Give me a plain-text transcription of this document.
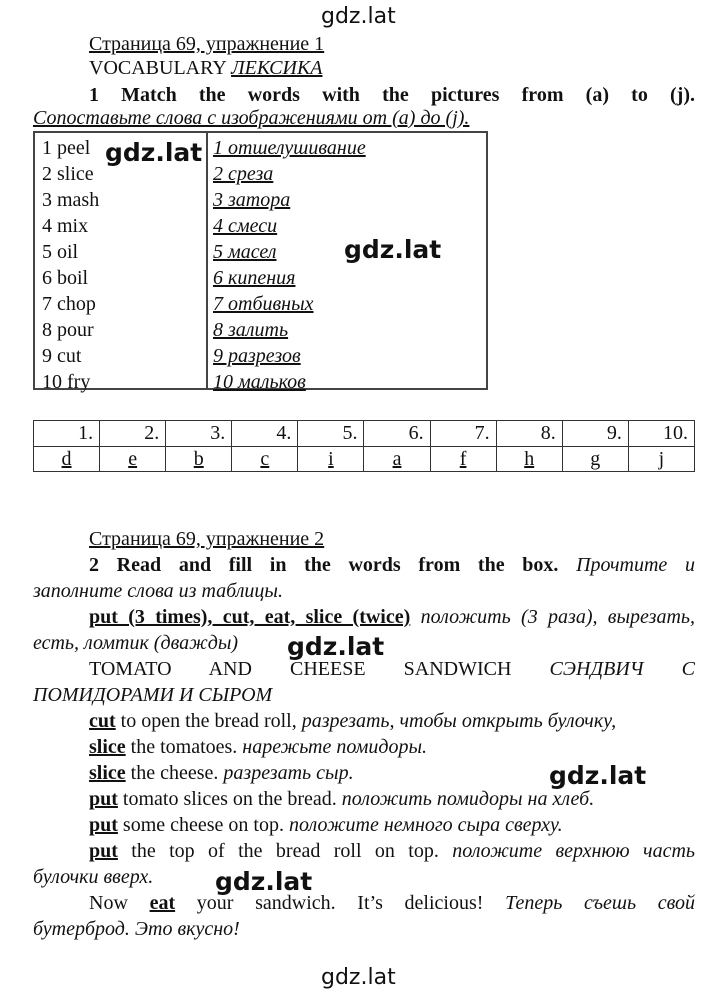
gdz.lat
gdz.lat
Страница 69, упражнение 1
VOCABULARY ЛЕКСИКА
1 Match the words with the pictures from (a) to (j).
Сопоставьте слова с изображениями от (a) до (j).
1 peel	1 отшелушивание
2 slice	2 среза
3 mash	3 затора
4 mix	4 смеси
5 oil	5 масел
6 boil	6 кипения
7 chop	7 отбивных
8 pour	8 залить
9 cut	9 разрезов
10 fry	10 мальков
gdz.lat
gdz.lat
1.	2.	3.	4.	5.	6.	7.	8.	9.	10.
d	e	b	c	i	a	f	h	g	j
Страница 69, упражнение 2
2 Read and fill in the words from the box. Прочтите и
заполните слова из таблицы.
put (3 times), cut, eat, slice (twice) положить (3 раза), вырезать,
есть, ломтик (дважды)	gdz.lat
TOMATO AND CHEESE SANDWICH СЭНДВИЧ С
ПОМИДОРАМИ И СЫРОМ
cut to open the bread roll, разрезать, чтобы открыть булочку,
slice the tomatoes. нарежьте помидоры.
slice the cheese. разрезать сыр.
put tomato slices on the bread. положить помидоры на хлеб.
put some cheese on top. положите немного сыра сверху.
put the top of the bread roll on top. положите верхнюю часть
gdz.lat
булочки вверх.	gdz.lat
Now eat your sandwich. It’s delicious! Теперь съешь свой
бутерброд. Это вкусно!
